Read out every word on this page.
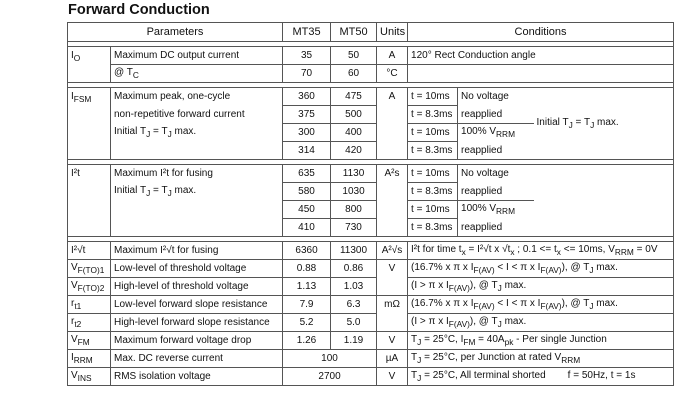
Forward Conduction
Parameters		MT35	MT50	Units	Conditions		

$I_O$	Maximum DC output current	35	50	A	120° Rect Conduction angle		
	@ $T_C$	70	60	°C			

$I_{FSM}$	Maximum peak, one-cycle	360	475	A	t = 10ms	No voltage	Initial $T_J = T_J$ max.
	non-repetitive forward current	375	500		t = 8.3ms	reapplied	
	Initial $T_J = T_J$ max.	300	400		t = 10ms	100% $V_{RRM}$
		314	420		t = 8.3ms	reapplied	

I²t	Maximum I²t for fusing	635	1130	A²s	t = 10ms	No voltage	
	Initial $T_J = T_J$ max.	580	1030		t = 8.3ms	reapplied	
		450	800		t = 10ms	100% $V_{RRM}$
		410	730		t = 8.3ms	reapplied	

I²√t	Maximum I²√t for fusing	6360	11300	A²√s	I²t for time $t_x = I^2√t$ x $√t_x$ ; $0.1 <= t_x <= 10ms$, $V_{RRM} = 0V$		
$V_{F(TO)1}$	Low-level of threshold voltage	0.88	0.86	V	(16.7% x π x $I_{F(AV)} < I < \pi$ x $I_{F(AV)}$), @ $T_J$ max.		
$V_{F(TO)2}$	High-level of threshold voltage	1.13	1.03		(I > π x $I_{F(AV)}$), @ $T_J$ max.		
$r_{t1}$	Low-level forward slope resistance	7.9	6.3	mΩ	(16.7% x π x $I_{F(AV)} < I < \pi$ x $I_{F(AV)}$), @ $T_J$ max.		
$r_{t2}$	High-level forward slope resistance	5.2	5.0		(I > π x $I_{F(AV)}$), @ $T_J$ max.		
$V_{FM}$	Maximum forward voltage drop	1.26	1.19	V	$T_J = 25^\circ C$, $I_{FM} = 40A_{pk}$ - Per single Junction		
$I_{RRM}$	Max. DC reverse current	100		µA	$T_J = 25^\circ C$, per Junction at rated $V_{RRM}$
$V_{INS}$	RMS isolation voltage	2700		V	$T_J = 25^\circ C$, All terminal shorted f = 50Hz, t = 1s		
